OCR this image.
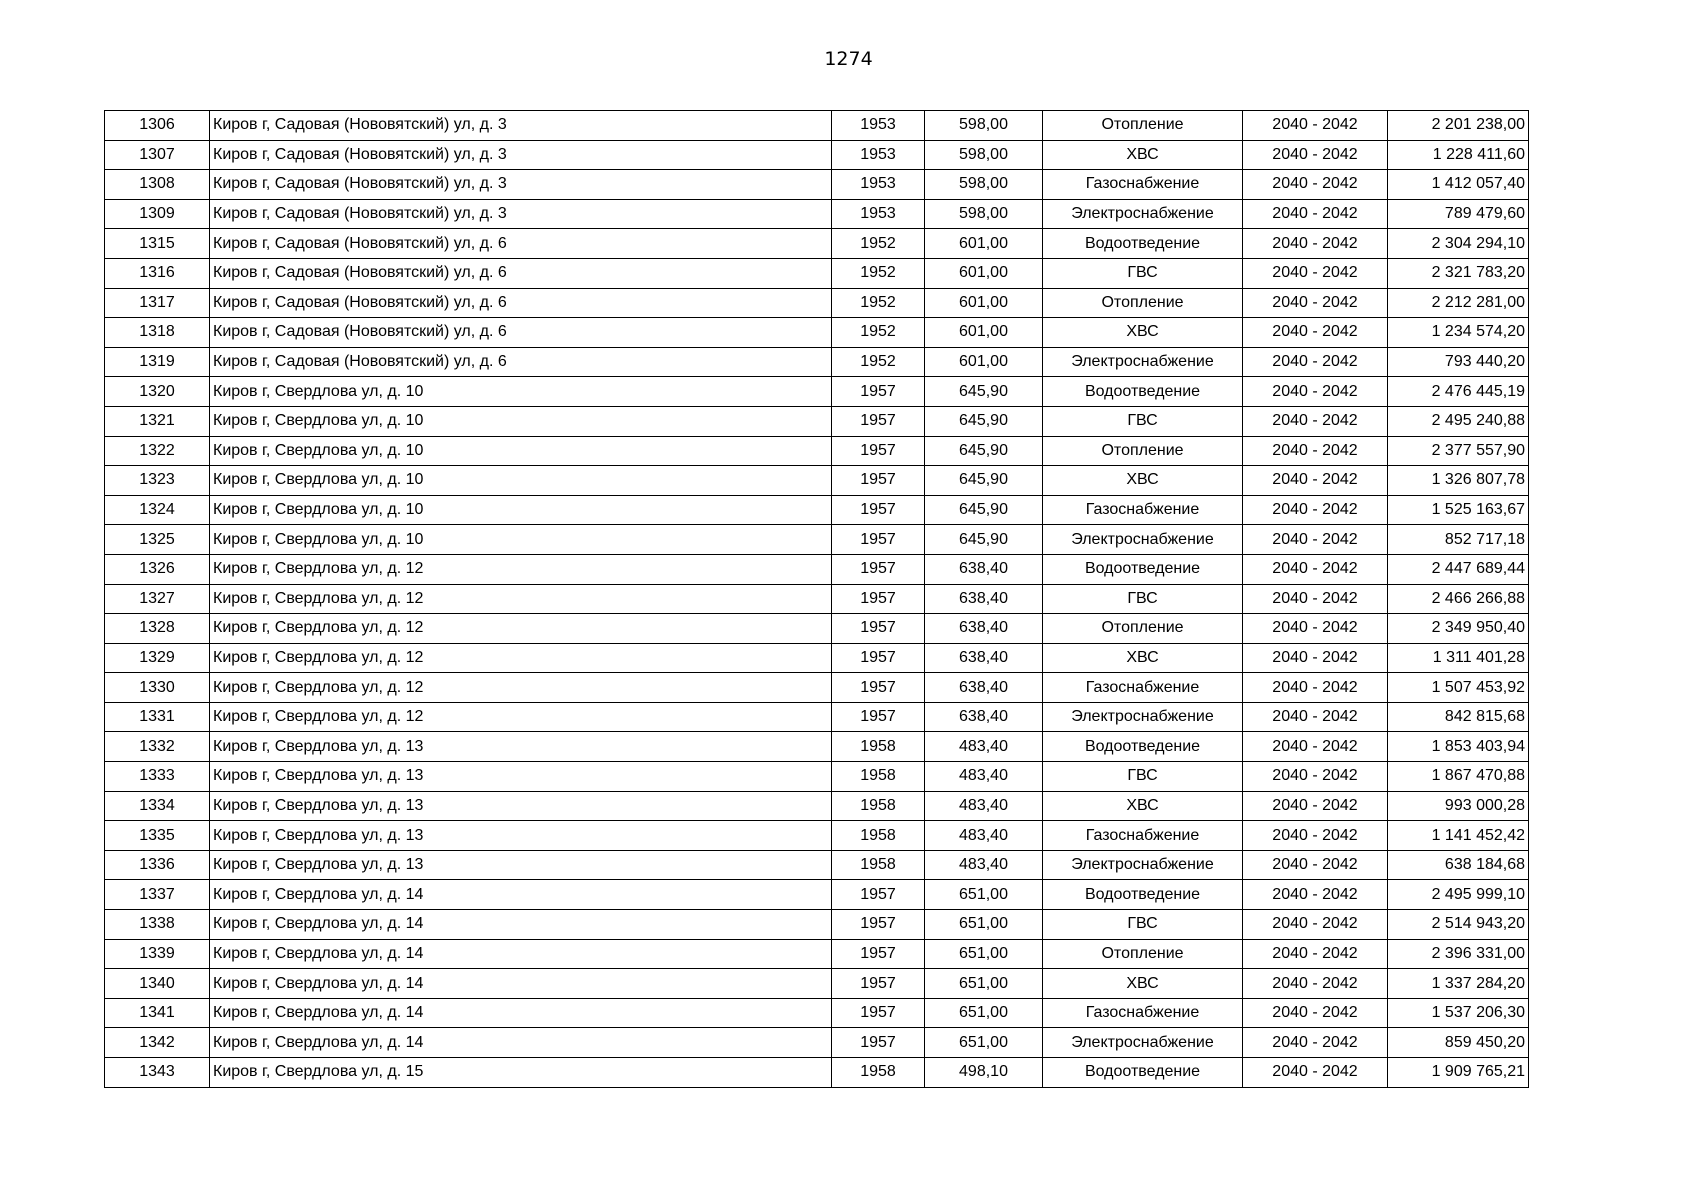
1274
1306	Киров г, Садовая (Нововятский) ул, д. 3	1953	598,00	Отопление	2040 - 2042	2 201 238,00
1307	Киров г, Садовая (Нововятский) ул, д. 3	1953	598,00	ХВС	2040 - 2042	1 228 411,60
1308	Киров г, Садовая (Нововятский) ул, д. 3	1953	598,00	Газоснабжение	2040 - 2042	1 412 057,40
1309	Киров г, Садовая (Нововятский) ул, д. 3	1953	598,00	Электроснабжение	2040 - 2042	789 479,60
1315	Киров г, Садовая (Нововятский) ул, д. 6	1952	601,00	Водоотведение	2040 - 2042	2 304 294,10
1316	Киров г, Садовая (Нововятский) ул, д. 6	1952	601,00	ГВС	2040 - 2042	2 321 783,20
1317	Киров г, Садовая (Нововятский) ул, д. 6	1952	601,00	Отопление	2040 - 2042	2 212 281,00
1318	Киров г, Садовая (Нововятский) ул, д. 6	1952	601,00	ХВС	2040 - 2042	1 234 574,20
1319	Киров г, Садовая (Нововятский) ул, д. 6	1952	601,00	Электроснабжение	2040 - 2042	793 440,20
1320	Киров г, Свердлова ул, д. 10	1957	645,90	Водоотведение	2040 - 2042	2 476 445,19
1321	Киров г, Свердлова ул, д. 10	1957	645,90	ГВС	2040 - 2042	2 495 240,88
1322	Киров г, Свердлова ул, д. 10	1957	645,90	Отопление	2040 - 2042	2 377 557,90
1323	Киров г, Свердлова ул, д. 10	1957	645,90	ХВС	2040 - 2042	1 326 807,78
1324	Киров г, Свердлова ул, д. 10	1957	645,90	Газоснабжение	2040 - 2042	1 525 163,67
1325	Киров г, Свердлова ул, д. 10	1957	645,90	Электроснабжение	2040 - 2042	852 717,18
1326	Киров г, Свердлова ул, д. 12	1957	638,40	Водоотведение	2040 - 2042	2 447 689,44
1327	Киров г, Свердлова ул, д. 12	1957	638,40	ГВС	2040 - 2042	2 466 266,88
1328	Киров г, Свердлова ул, д. 12	1957	638,40	Отопление	2040 - 2042	2 349 950,40
1329	Киров г, Свердлова ул, д. 12	1957	638,40	ХВС	2040 - 2042	1 311 401,28
1330	Киров г, Свердлова ул, д. 12	1957	638,40	Газоснабжение	2040 - 2042	1 507 453,92
1331	Киров г, Свердлова ул, д. 12	1957	638,40	Электроснабжение	2040 - 2042	842 815,68
1332	Киров г, Свердлова ул, д. 13	1958	483,40	Водоотведение	2040 - 2042	1 853 403,94
1333	Киров г, Свердлова ул, д. 13	1958	483,40	ГВС	2040 - 2042	1 867 470,88
1334	Киров г, Свердлова ул, д. 13	1958	483,40	ХВС	2040 - 2042	993 000,28
1335	Киров г, Свердлова ул, д. 13	1958	483,40	Газоснабжение	2040 - 2042	1 141 452,42
1336	Киров г, Свердлова ул, д. 13	1958	483,40	Электроснабжение	2040 - 2042	638 184,68
1337	Киров г, Свердлова ул, д. 14	1957	651,00	Водоотведение	2040 - 2042	2 495 999,10
1338	Киров г, Свердлова ул, д. 14	1957	651,00	ГВС	2040 - 2042	2 514 943,20
1339	Киров г, Свердлова ул, д. 14	1957	651,00	Отопление	2040 - 2042	2 396 331,00
1340	Киров г, Свердлова ул, д. 14	1957	651,00	ХВС	2040 - 2042	1 337 284,20
1341	Киров г, Свердлова ул, д. 14	1957	651,00	Газоснабжение	2040 - 2042	1 537 206,30
1342	Киров г, Свердлова ул, д. 14	1957	651,00	Электроснабжение	2040 - 2042	859 450,20
1343	Киров г, Свердлова ул, д. 15	1958	498,10	Водоотведение	2040 - 2042	1 909 765,21
